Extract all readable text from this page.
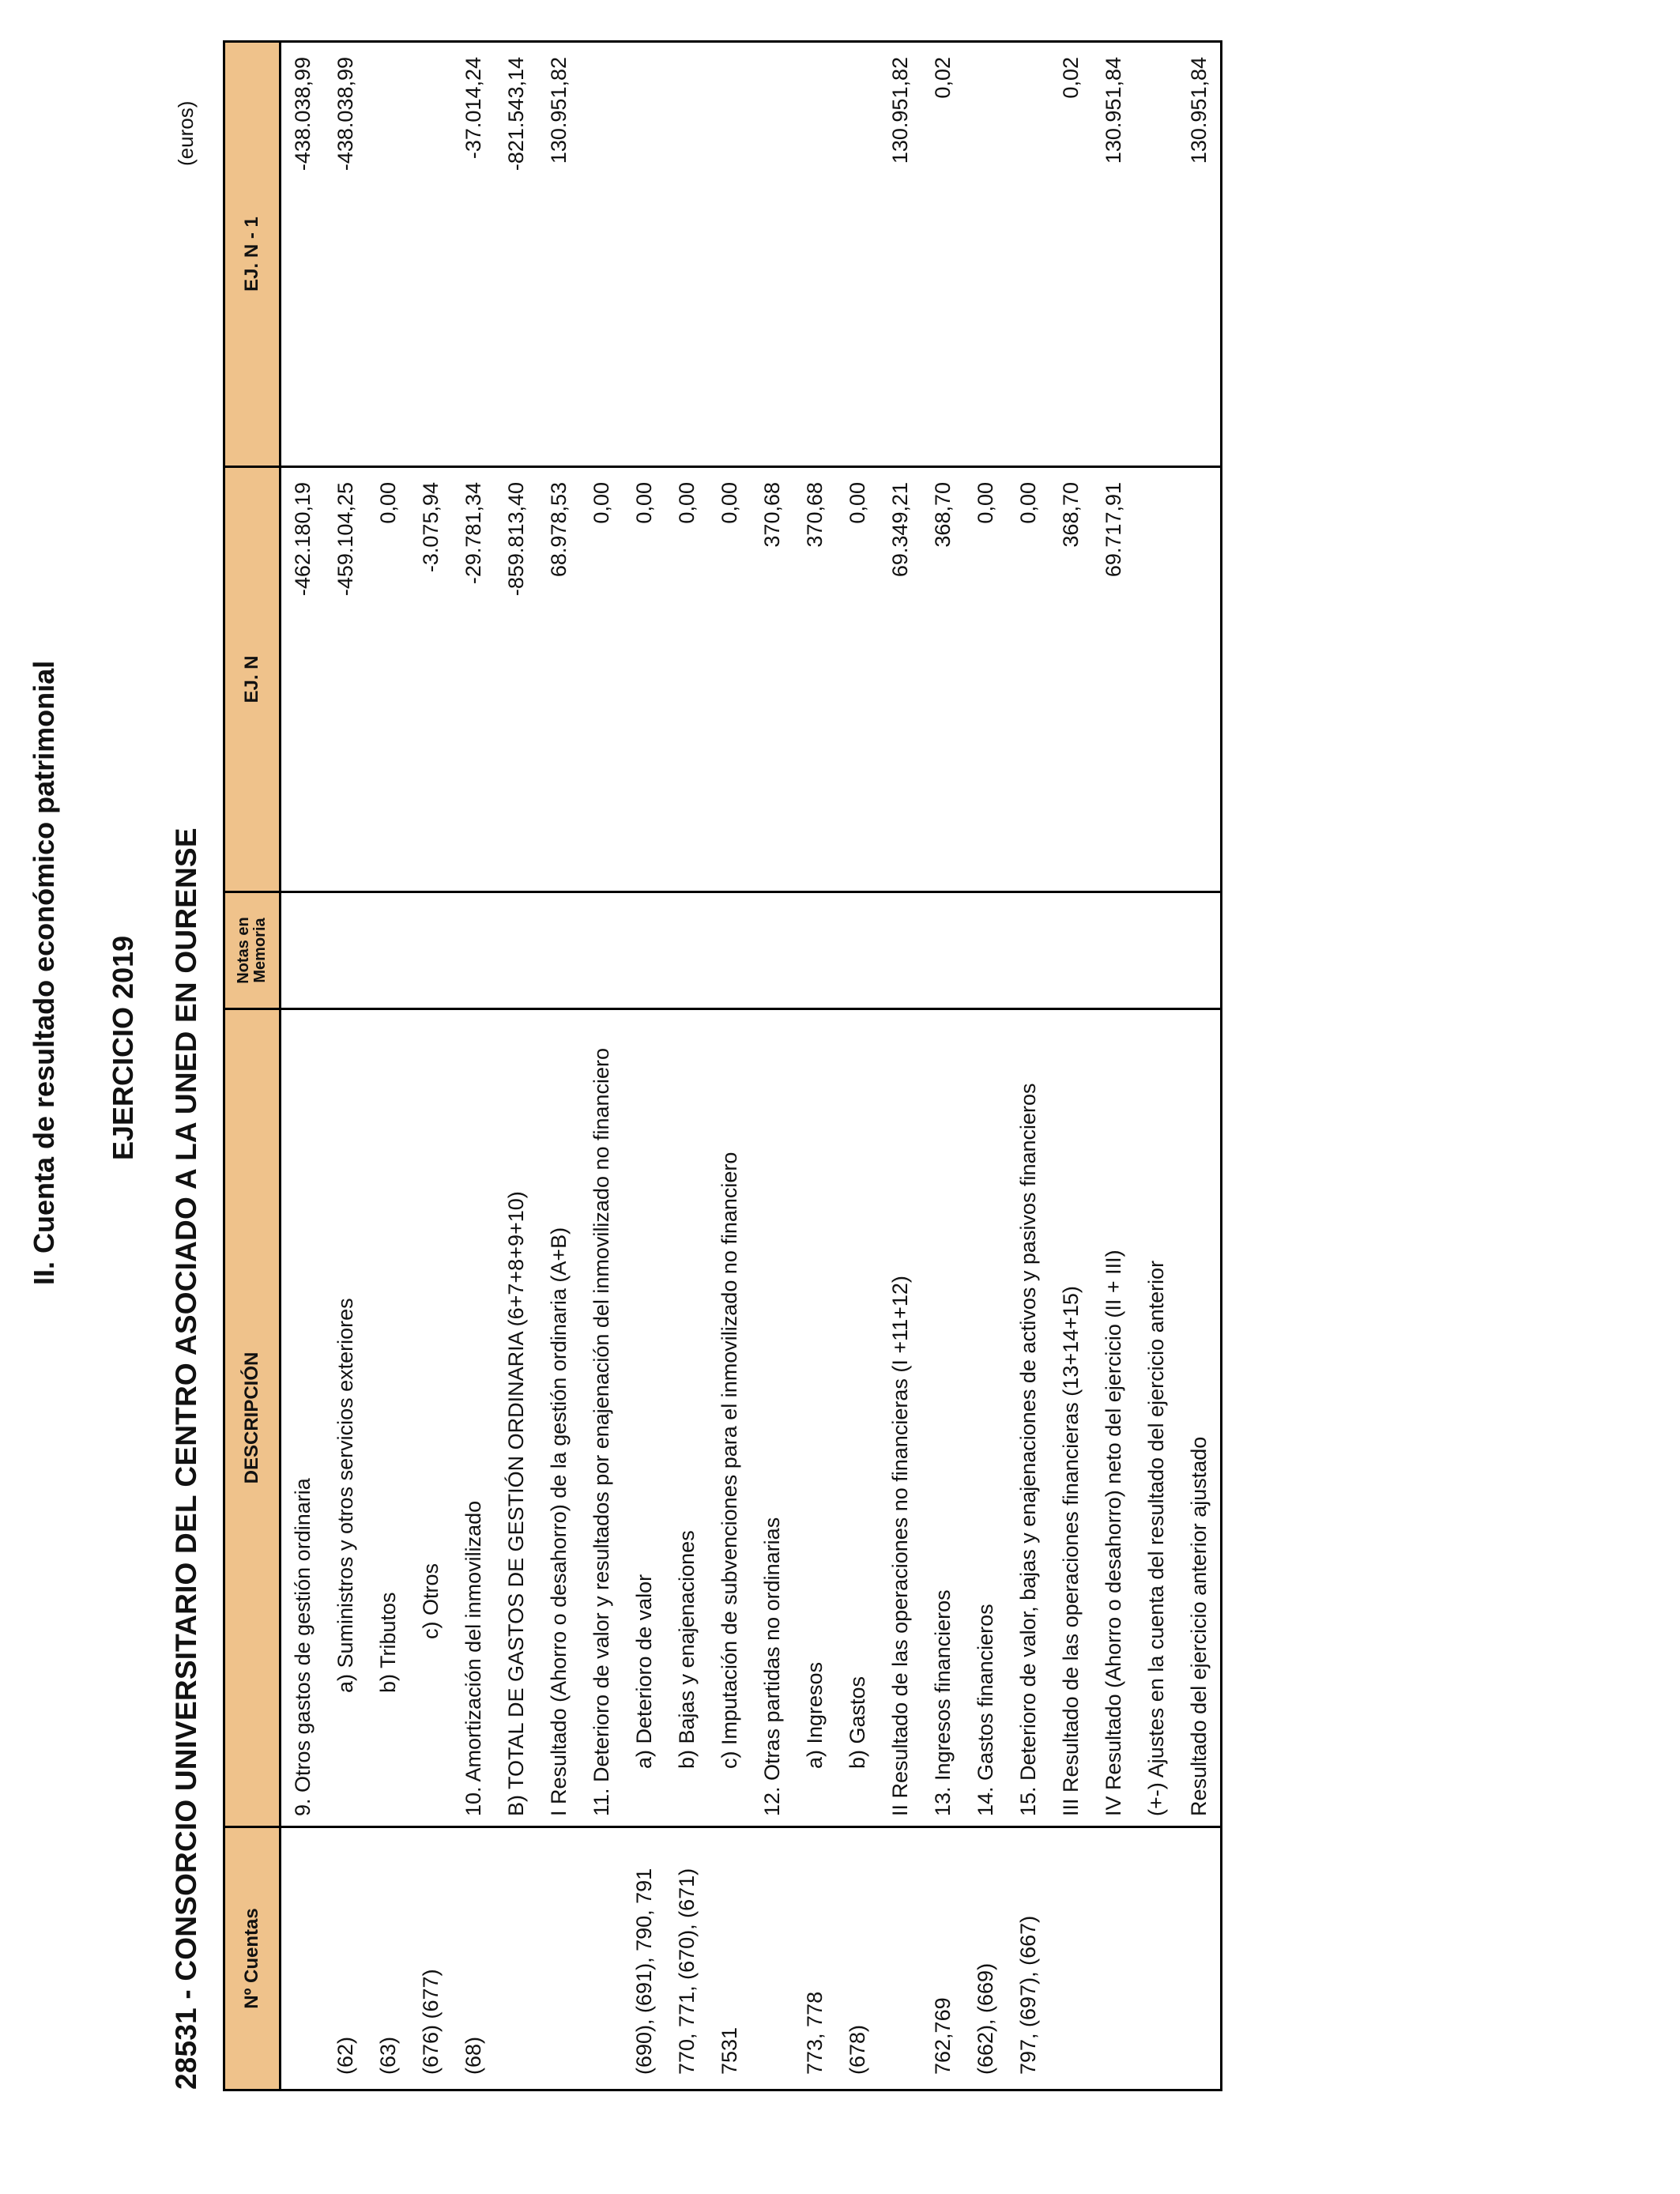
II. Cuenta de resultado económico patrimonial EJERCICIO 2019 28531 - CONSORCIO UNIVERSITARIO DEL CENTRO ASOCIADO A LA UNED EN OURENSE
(euros)
Nº Cuentas	DESCRIPCIÓN	Notas en Memoria	EJ. N	EJ. N - 1
	9. Otros gastos de gestión ordinaria		-462.180,19	-438.038,99
(62)	a) Suministros y otros servicios exteriores		-459.104,25	-438.038,99
(63)	b) Tributos		0,00	
(676) (677)	c) Otros		-3.075,94	
(68)	10. Amortización del inmovilizado		-29.781,34	-37.014,24
	B) TOTAL DE GASTOS DE GESTIÓN ORDINARIA (6+7+8+9+10)		-859.813,40	-821.543,14
	I Resultado (Ahorro o desahorro) de la gestión ordinaria (A+B)		68.978,53	130.951,82
	11. Deterioro de valor y resultados por enajenación del inmovilizado no financiero		0,00	
(690), (691), 790, 791	a) Deterioro de valor		0,00	
770, 771, (670), (671)	b) Bajas y enajenaciones		0,00	
7531	c) Imputación de subvenciones para el inmovilizado no financiero		0,00	
	12. Otras partidas no ordinarias		370,68	
773, 778	a) Ingresos		370,68	
(678)	b) Gastos		0,00	
	II Resultado de las operaciones no financieras (I +11+12)		69.349,21	130.951,82
762,769	13. Ingresos financieros		368,70	0,02
(662), (669)	14. Gastos financieros		0,00	
797, (697), (667)	15. Deterioro de valor, bajas y enajenaciones de activos y pasivos financieros		0,00	
	III Resultado de las operaciones financieras (13+14+15)		368,70	0,02
	IV Resultado (Ahorro o desahorro) neto del ejercicio (II + III)		69.717,91	130.951,84
	(+-) Ajustes en la cuenta del resultado del ejercicio anterior			
	Resultado del ejercicio anterior ajustado			130.951,84
